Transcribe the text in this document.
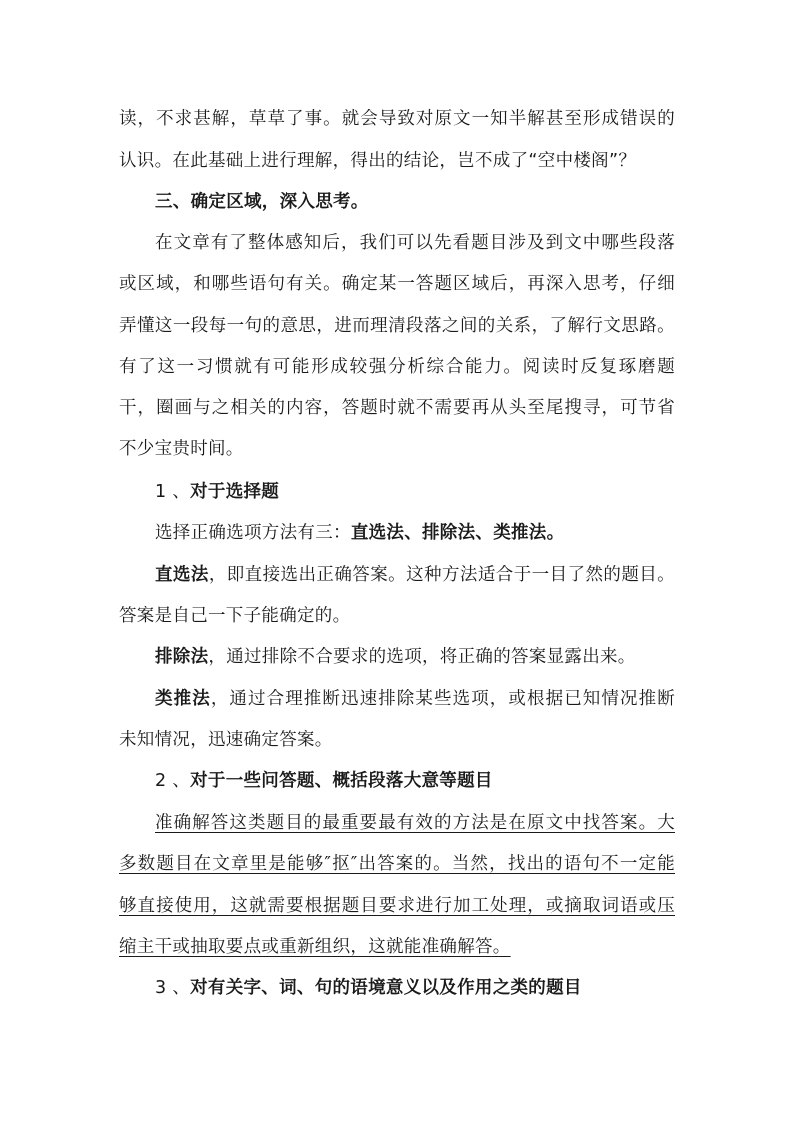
读，不求甚解，草草了事。就会导致对原文一知半解甚至形成错误的
认识。在此基础上进行理解，得出的结论，岂不成了“空中楼阁”？
三、确定区域，深入思考。
在文章有了整体感知后，我们可以先看题目涉及到文中哪些段落
或区域，和哪些语句有关。确定某一答题区域后，再深入思考，仔细
弄懂这一段每一句的意思，进而理清段落之间的关系，了解行文思路。
有了这一习惯就有可能形成较强分析综合能力。阅读时反复琢磨题
干，圈画与之相关的内容，答题时就不需要再从头至尾搜寻，可节省
不少宝贵时间。
1 、对于选择题
选择正确选项方法有三：直选法、排除法、类推法。
直选法，即直接选出正确答案。这种方法适合于一目了然的题目。
答案是自己一下子能确定的。
排除法，通过排除不合要求的选项，将正确的答案显露出来。
类推法，通过合理推断迅速排除某些选项，或根据已知情况推断
未知情况，迅速确定答案。
2 、对于一些问答题、概括段落大意等题目
准确解答这类题目的最重要最有效的方法是在原文中找答案。大
多数题目在文章里是能够″抠″出答案的。当然，找出的语句不一定能
够直接使用，这就需要根据题目要求进行加工处理，或摘取词语或压
缩主干或抽取要点或重新组织，这就能准确解答。
3 、对有关字、词、句的语境意义以及作用之类的题目
